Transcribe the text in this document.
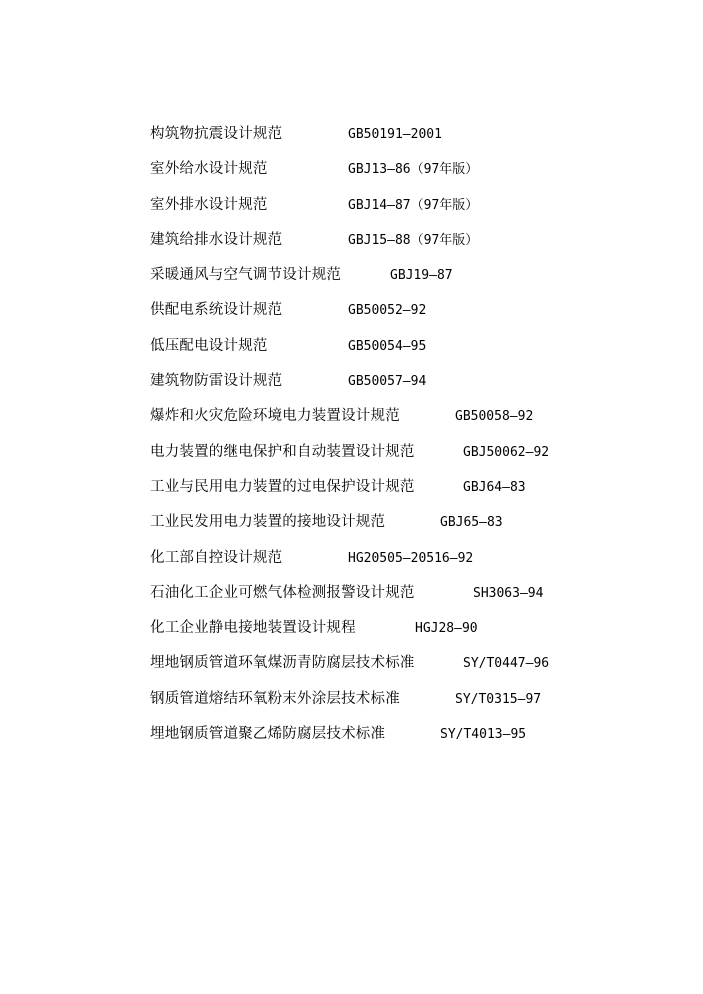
构筑物抗震设计规范	GB50191—2001
室外给水设计规范	GBJ13—86（97年版）
室外排水设计规范	GBJ14—87（97年版）
建筑给排水设计规范	GBJ15—88（97年版）
采暖通风与空气调节设计规范	GBJ19—87
供配电系统设计规范	GB50052—92
低压配电设计规范	GB50054—95
建筑物防雷设计规范	GB50057—94
爆炸和火灾危险环境电力装置设计规范	GB50058—92
电力装置的继电保护和自动装置设计规范	GBJ50062—92
工业与民用电力装置的过电保护设计规范	GBJ64—83
工业民发用电力装置的接地设计规范	GBJ65—83
化工部自控设计规范	HG20505—20516—92
石油化工企业可燃气体检测报警设计规范	SH3063—94
化工企业静电接地装置设计规程	HGJ28—90
埋地钢质管道环氧煤沥青防腐层技术标准	SY/T0447—96
钢质管道熔结环氧粉末外涂层技术标准	SY/T0315—97
埋地钢质管道聚乙烯防腐层技术标准	SY/T4013—95
